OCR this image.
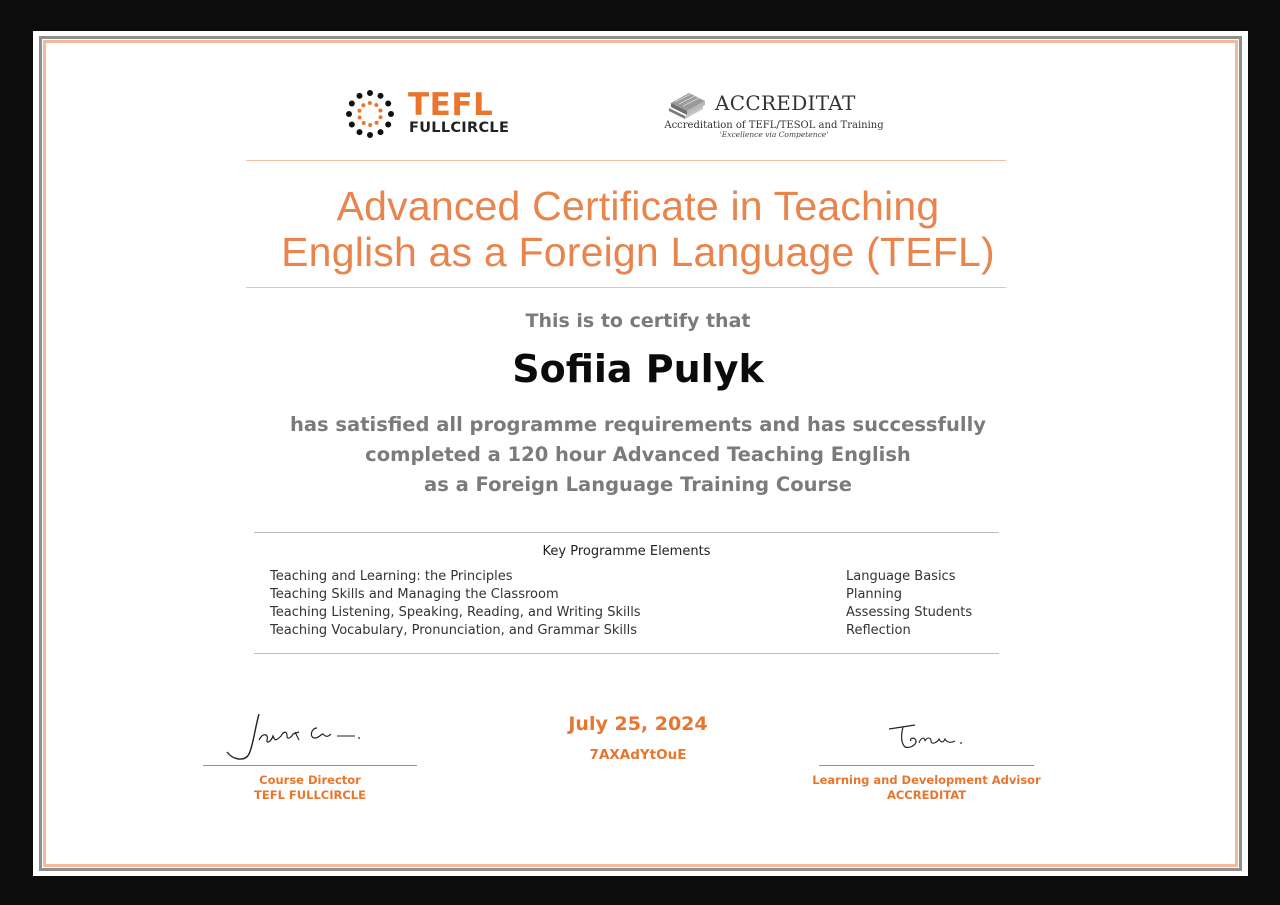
TEFL
FULLCIRCLE
ACCREDITAT
Accreditation of TEFL/TESOL and Training
'Excellence via Competence'
Advanced Certificate in Teaching
English as a Foreign Language (TEFL)
This is to certify that
Sofiia Pulyk
has satisfied all programme requirements and has successfully
completed a 120 hour Advanced Teaching English
as a Foreign Language Training Course
Key Programme Elements
Teaching and Learning: the Principles
Teaching Skills and Managing the Classroom
Teaching Listening, Speaking, Reading, and Writing Skills
Teaching Vocabulary, Pronunciation, and Grammar Skills
Language Basics
Planning
Assessing Students
Reflection
Course Director
TEFL FULLCIRCLE
July 25, 2024
7AXAdYtOuE
Learning and Development Advisor
ACCREDITAT
